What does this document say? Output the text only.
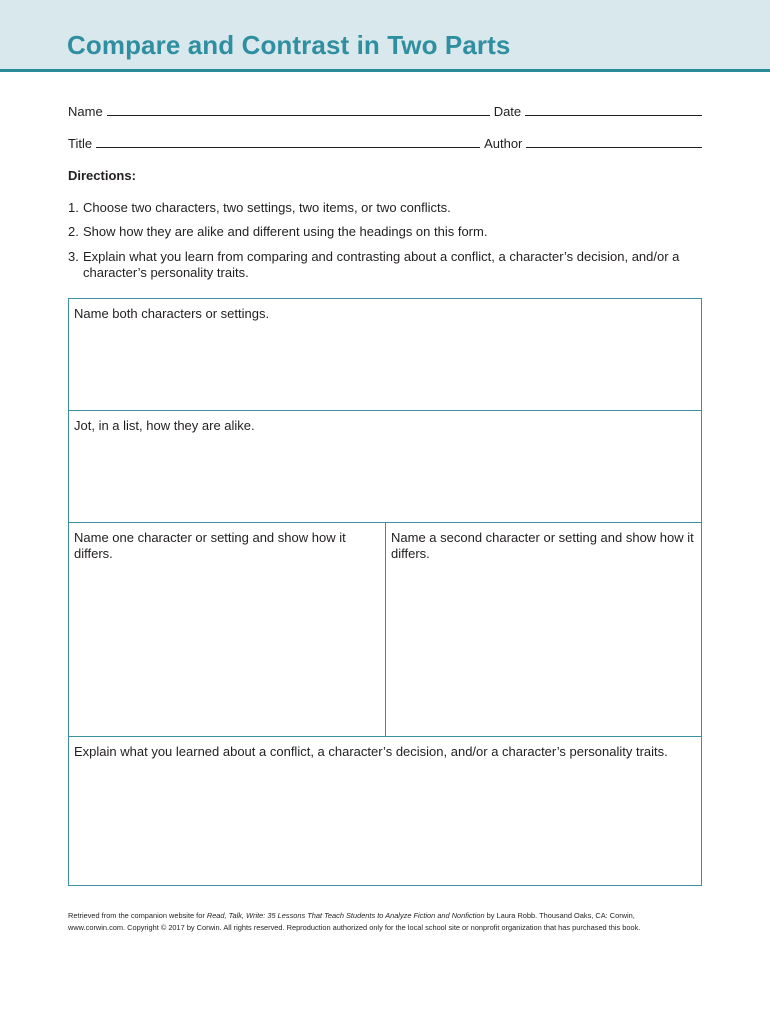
Compare and Contrast in Two Parts
Name	Date
Title	Author
Directions:
1. Choose two characters, two settings, two items, or two conflicts.
2. Show how they are alike and different using the headings on this form.
3. Explain what you learn from comparing and contrasting about a conflict, a character’s decision, and/or a character’s personality traits.
Name both characters or settings.
Jot, in a list, how they are alike.
Name one character or setting and show how it differs.
Name a second character or setting and show how it differs.
Explain what you learned about a conflict, a character’s decision, and/or a character’s personality traits.
Retrieved from the companion website for Read, Talk, Write: 35 Lessons That Teach Students to Analyze Fiction and Nonfiction by Laura Robb. Thousand Oaks, CA: Corwin,
www.corwin.com. Copyright © 2017 by Corwin. All rights reserved. Reproduction authorized only for the local school site or nonprofit organization that has purchased this book.
